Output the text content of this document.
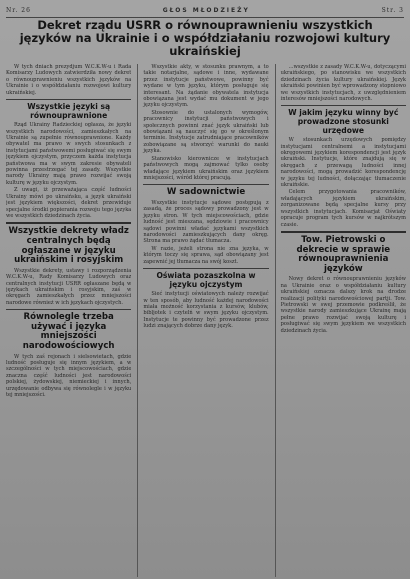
Nr. 26	GŁOS MŁODZIEŻY	Str. 3
Dekret rządu USRR o równouprawnieniu wszystkich języków na Ukrainie i o współdziałaniu rozwojowi kultury ukraińskiej

W tych dniach prezydjum W.C.K.W-u i Rada Komisarzy Ludowych zatwierdziła nowy dekret o równouprawnieniu wszystkich języków na Ukrainie i o współdziałaniu rozwojowi kultury ukraińskiej.

Wszystkie języki są równouprawnione

Rząd Ukrainy Radzieckiej ogłasza, że języki wszystkich narodowości, zamieszkałych na Ukrainie są zupełnie równouprawnione. Każdy obywatel ma prawo w swych stosunkach z instytucjami państwowemi posługiwać się swym językiem ojczystym, przyczem każda instytucja państwowa ma w swym zakresie obywateli powinna przestrzegać tej zasady. Wszystkie narody Ukrainy mają prawo rozwijać swoją kulturę w języku ojczystym.

Z uwagi, iż przeważająca część ludności Ukrainy mówi po ukraińsku, a język ukraiński jest językiem większości, dekret przewiduje specjalne środki popierania rozwoju tego języka we wszystkich dziedzinach życia.

Wszystkie dekrety władz centralnych będą ogłaszane w języku ukraińskim i rosyjskim

Wszystkie dekrety, ustawy i rozporządzenia W.C.K.W-u, Rady Komisarzy Ludowych oraz centralnych instytucji USRR ogłaszane będą w językach ukraińskim i rosyjskim, zaś w okręgach zamieszkałych przez mniejszości narodowe również w ich językach ojczystych.

Równolegle trzeba używać i języka mniejszości narodowościowych

W tych zaś rejonach i sielsowietach, gdzie ludność posługuje się innym językiem, a w szczególności w tych miejscowościach, gdzie znaczna część ludności jest narodowości polskiej, żydowskiej, niemieckiej i innych, urzędowanie odbywa się równolegle i w języku tej mniejszości.

Wszystkie akty, w stosunku prawnym, a to takie notarjalne, sądowe i inne, wydawane przez instytucje państwowe, powinny być wydane w tym języku, którym posługuje się interesant. Na żądanie obywatela instytucja obowiązana jest wydać mu dokument w jego języku ojczystym.

Stosownie do ustalonych wymogów, pracownicy instytucji państwowych i społecznych powinni znać język ukraiński lub obowiązani są nauczyć się go w określonym terminie. Instytucje zatrudniające pracowników zobowiązane są stworzyć warunki do nauki języka.

Stanowisko kierownicze w instytucjach państwowych mogą zajmować tylko osoby władające językiem ukraińskim oraz językiem mniejszości, wśród której pracują.

W sadownictwie

Wszystkie instytucje sądowe postępują z zasadą, że proces sądowy prowadzony jest w języku stron. W tych miejscowościach, gdzie ludność jest mieszana, sędziowie i pracownicy sądowi powinni władać językami wszystkich narodowości zamieszkujących dany okręg. Strona ma prawo żądać tłumacza.

W razie, jeżeli strona nie zna języka, w którym toczy się sprawa, sąd obowiązany jest zapewnić jej tłumacza na swój koszt.

Oświata pozaszkolna w języku ojczystym

Sieć instytucji oświatowych należy rozwijać w ten sposób, aby ludność każdej narodowości miała możność korzystania z kursów, klubów, bibljotek i czytelń w swym języku ojczystym. Instytucje te powinny być prowadzone przez ludzi znających dobrze dany język.

...wszystkie z zasady W.C.K.W-u, dotyczącymi ukraińskiego, po stanowisku we wszystkich dziedzinach życia kultury ukraińskiej. Język ukraiński powinien być wprowadzony stopniowo we wszystkich instytucjach, z uwzględnieniem interesów mniejszości narodowych.

W jakim języku winny być prowadzone stosunki urzędowe

W stosunkach urzędowych pomiędzy instytucjami centralnemi a instytucjami okręgowemi językiem korespondencji jest język ukraiński. Instytucje, które znajdują się w okręgach z przewagą ludności innej narodowości, mogą prowadzić korespondencję w języku tej ludności, dołączając tłumaczenie ukraińskie.

Celem przygotowania pracowników, władających językiem ukraińskim, zorganizowane będą specjalne kursy przy wszystkich instytucjach. Komisarjat Oświaty opracuje program tych kursów w najkrótszym czasie.

Tow. Pietrowski o dekrecie w sprawie równouprawnienia języków

Nowy dekret o równouprawnieniu języków na Ukrainie oraz o współdziałaniu kultury ukraińskiej oznacza dalszy krok na drodze realizacji polityki narodowościowej partji. Tow. Pietrowski w swej przemowie podkreślił, że wszystkie narody zamieszkujące Ukrainę mają pełne prawo rozwijać swoją kulturę i posługiwać się swym językiem we wszystkich dziedzinach życia.
